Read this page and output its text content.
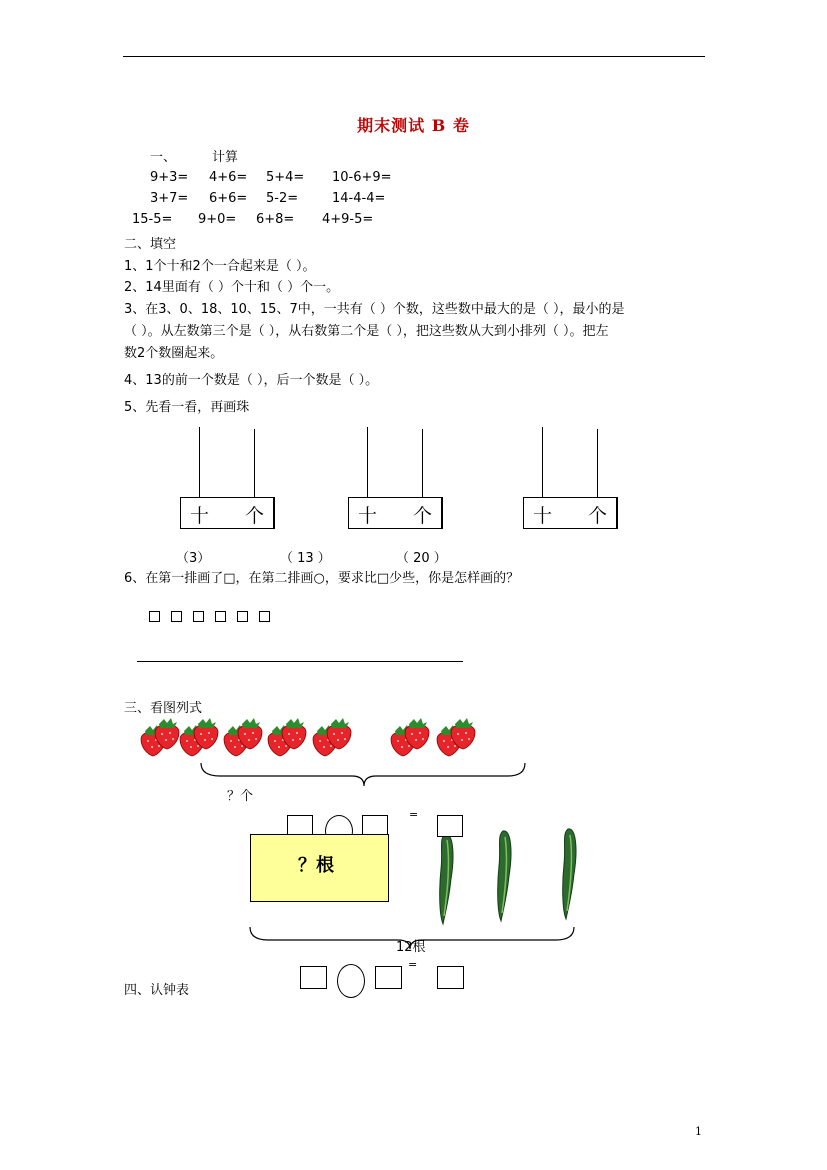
期末测试 B 卷
一、	计算
9+3= 4+6= 5+4= 10-6+9=
3+7= 6+6= 5-2=	14-4-4=
15-5= 9+0= 6+8= 4+9-5=
二、填空
1、1个十和2个一合起来是（ ）。
2、14里面有（ ）个十和（ ）个一。
3、在3、0、18、10、15、7中，一共有（ ）个数，这些数中最大的是（ ），最小的是
（ ）。从左数第三个是（ ），从右数第二个是（ ），把这些数从大到小排列（ ）。把左
数2个数圈起来。
4、13的前一个数是（ ），后一个数是（ ）。
5、先看一看，再画珠
十 个	十 个	十 个
（3）	（ 13 ）	（ 20 ）
6、在第一排画了□，在第二排画○，要求比□少些，你是怎样画的？
三、看图列式
？个
=
？根
12根
=
四、认钟表
1
